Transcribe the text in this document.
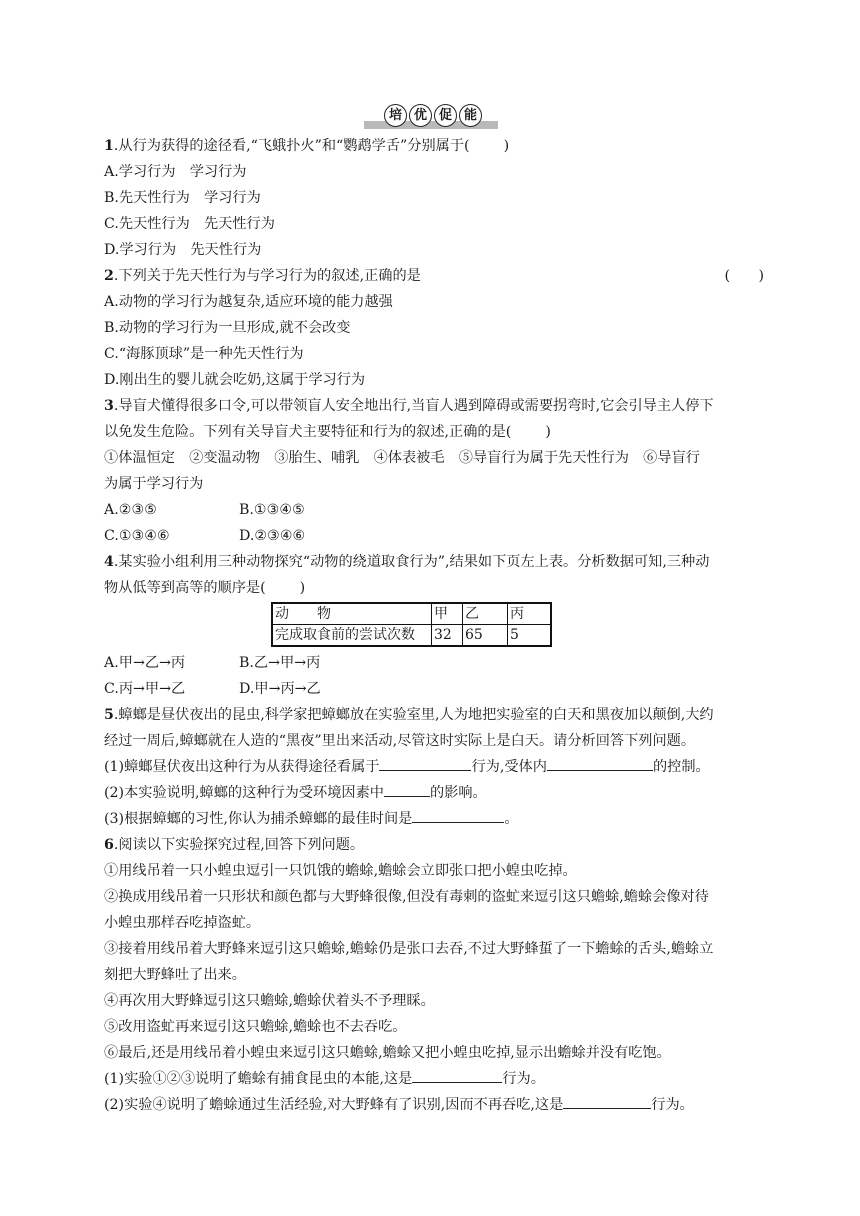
培 优 促 能
1.从行为获得的途径看,“飞蛾扑火”和“鹦鹉学舌”分别属于( )
A.学习行为　学习行为
B.先天性行为　学习行为
C.先天性行为　先天性行为
D.学习行为　先天性行为
2.下列关于先天性行为与学习行为的叙述,正确的是	(　　)
A.动物的学习行为越复杂,适应环境的能力越强
B.动物的学习行为一旦形成,就不会改变
C.“海豚顶球”是一种先天性行为
D.刚出生的婴儿就会吃奶,这属于学习行为
3.导盲犬懂得很多口令,可以带领盲人安全地出行,当盲人遇到障碍或需要拐弯时,它会引导主人停下
以免发生危险。下列有关导盲犬主要特征和行为的叙述,正确的是( )
①体温恒定　②变温动物　③胎生、哺乳　④体表被毛　⑤导盲行为属于先天性行为　⑥导盲行
为属于学习行为
A.②③⑤	B.①③④⑤
C.①③④⑥	D.②③④⑥
4.某实验小组利用三种动物探究“动物的绕道取食行为”,结果如下页左上表。分析数据可知,三种动
物从低等到高等的顺序是( )
动　　物	甲	乙	丙
完成取食前的尝试次数	32	65	5
A.甲→乙→丙	B.乙→甲→丙
C.丙→甲→乙	D.甲→丙→乙
5.蟑螂是昼伏夜出的昆虫,科学家把蟑螂放在实验室里,人为地把实验室的白天和黑夜加以颠倒,大约
经过一周后,蟑螂就在人造的“黑夜”里出来活动,尽管这时实际上是白天。请分析回答下列问题。
(1)蟑螂昼伏夜出这种行为从获得途径看属于	行为,受体内	的控制。
(2)本实验说明,蟑螂的这种行为受环境因素中	的影响。
(3)根据蟑螂的习性,你认为捕杀蟑螂的最佳时间是	。
6.阅读以下实验探究过程,回答下列问题。
①用线吊着一只小蝗虫逗引一只饥饿的蟾蜍,蟾蜍会立即张口把小蝗虫吃掉。
②换成用线吊着一只形状和颜色都与大野蜂很像,但没有毒刺的盗虻来逗引这只蟾蜍,蟾蜍会像对待
小蝗虫那样吞吃掉盗虻。
③接着用线吊着大野蜂来逗引这只蟾蜍,蟾蜍仍是张口去吞,不过大野蜂蜇了一下蟾蜍的舌头,蟾蜍立
刻把大野蜂吐了出来。
④再次用大野蜂逗引这只蟾蜍,蟾蜍伏着头不予理睬。
⑤改用盗虻再来逗引这只蟾蜍,蟾蜍也不去吞吃。
⑥最后,还是用线吊着小蝗虫来逗引这只蟾蜍,蟾蜍又把小蝗虫吃掉,显示出蟾蜍并没有吃饱。
(1)实验①②③说明了蟾蜍有捕食昆虫的本能,这是	行为。
(2)实验④说明了蟾蜍通过生活经验,对大野蜂有了识别,因而不再吞吃,这是	行为。
